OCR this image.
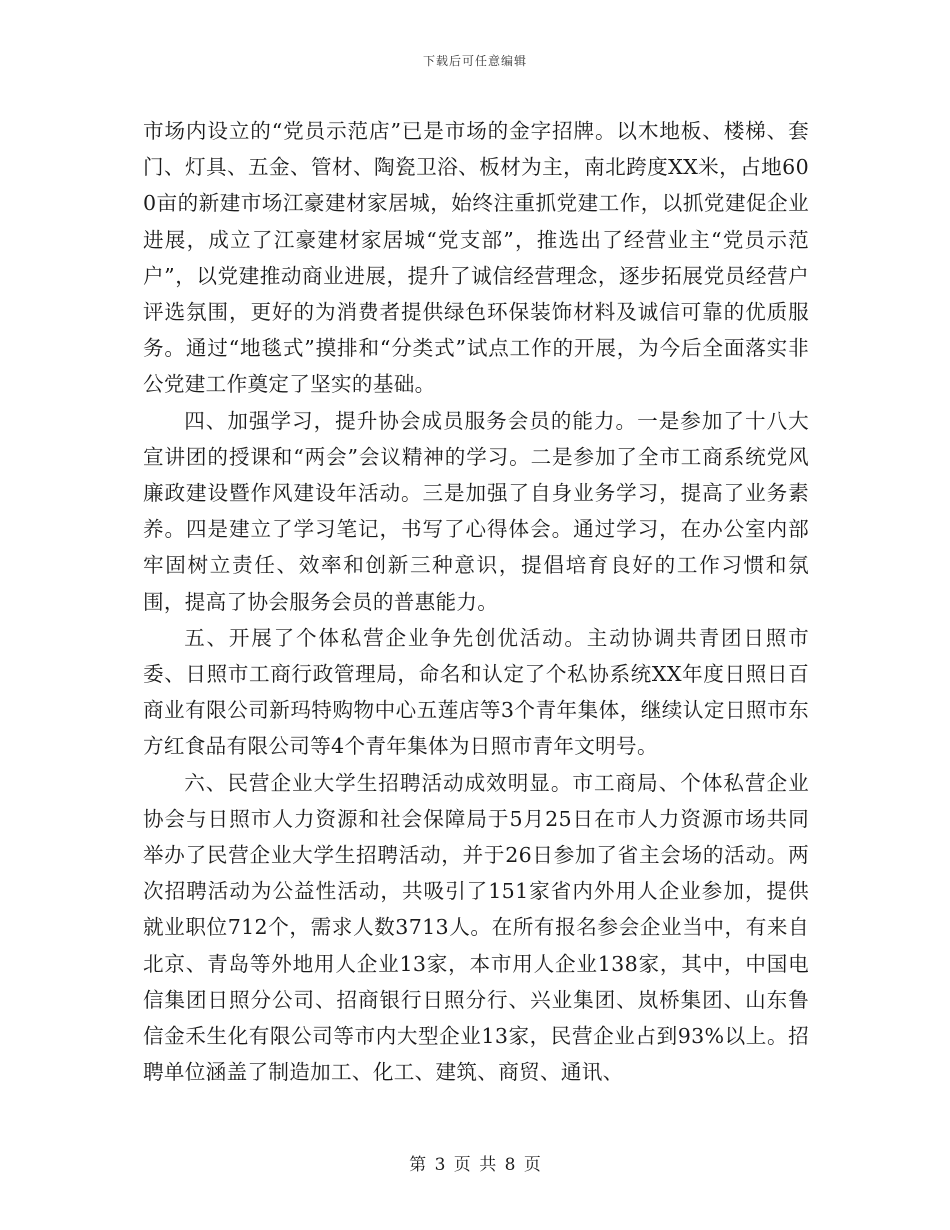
下载后可任意编辑

市场内设立的“党员示范店”已是市场的金字招牌。以木地板、楼梯、套门、灯具、五金、管材、陶瓷卫浴、板材为主，南北跨度XX米，占地600亩的新建市场江豪建材家居城，始终注重抓党建工作，以抓党建促企业进展，成立了江豪建材家居城“党支部”，推选出了经营业主“党员示范户”，以党建推动商业进展，提升了诚信经营理念，逐步拓展党员经营户评选氛围，更好的为消费者提供绿色环保装饰材料及诚信可靠的优质服务。通过“地毯式”摸排和“分类式”试点工作的开展，为今后全面落实非公党建工作奠定了坚实的基础。

四、加强学习，提升协会成员服务会员的能力。一是参加了十八大宣讲团的授课和“两会”会议精神的学习。二是参加了全市工商系统党风廉政建设暨作风建设年活动。三是加强了自身业务学习，提高了业务素养。四是建立了学习笔记，书写了心得体会。通过学习，在办公室内部牢固树立责任、效率和创新三种意识，提倡培育良好的工作习惯和氛围，提高了协会服务会员的普惠能力。

五、开展了个体私营企业争先创优活动。主动协调共青团日照市委、日照市工商行政管理局，命名和认定了个私协系统XX年度日照日百商业有限公司新玛特购物中心五莲店等3个青年集体，继续认定日照市东方红食品有限公司等4个青年集体为日照市青年文明号。

六、民营企业大学生招聘活动成效明显。市工商局、个体私营企业协会与日照市人力资源和社会保障局于5月25日在市人力资源市场共同举办了民营企业大学生招聘活动，并于26日参加了省主会场的活动。两次招聘活动为公益性活动，共吸引了151家省内外用人企业参加，提供就业职位712个，需求人数3713人。在所有报名参会企业当中，有来自北京、青岛等外地用人企业13家，本市用人企业138家，其中，中国电信集团日照分公司、招商银行日照分行、兴业集团、岚桥集团、山东鲁信金禾生化有限公司等市内大型企业13家，民营企业占到93%以上。招聘单位涵盖了制造加工、化工、建筑、商贸、通讯、

第 3 页 共 8 页
